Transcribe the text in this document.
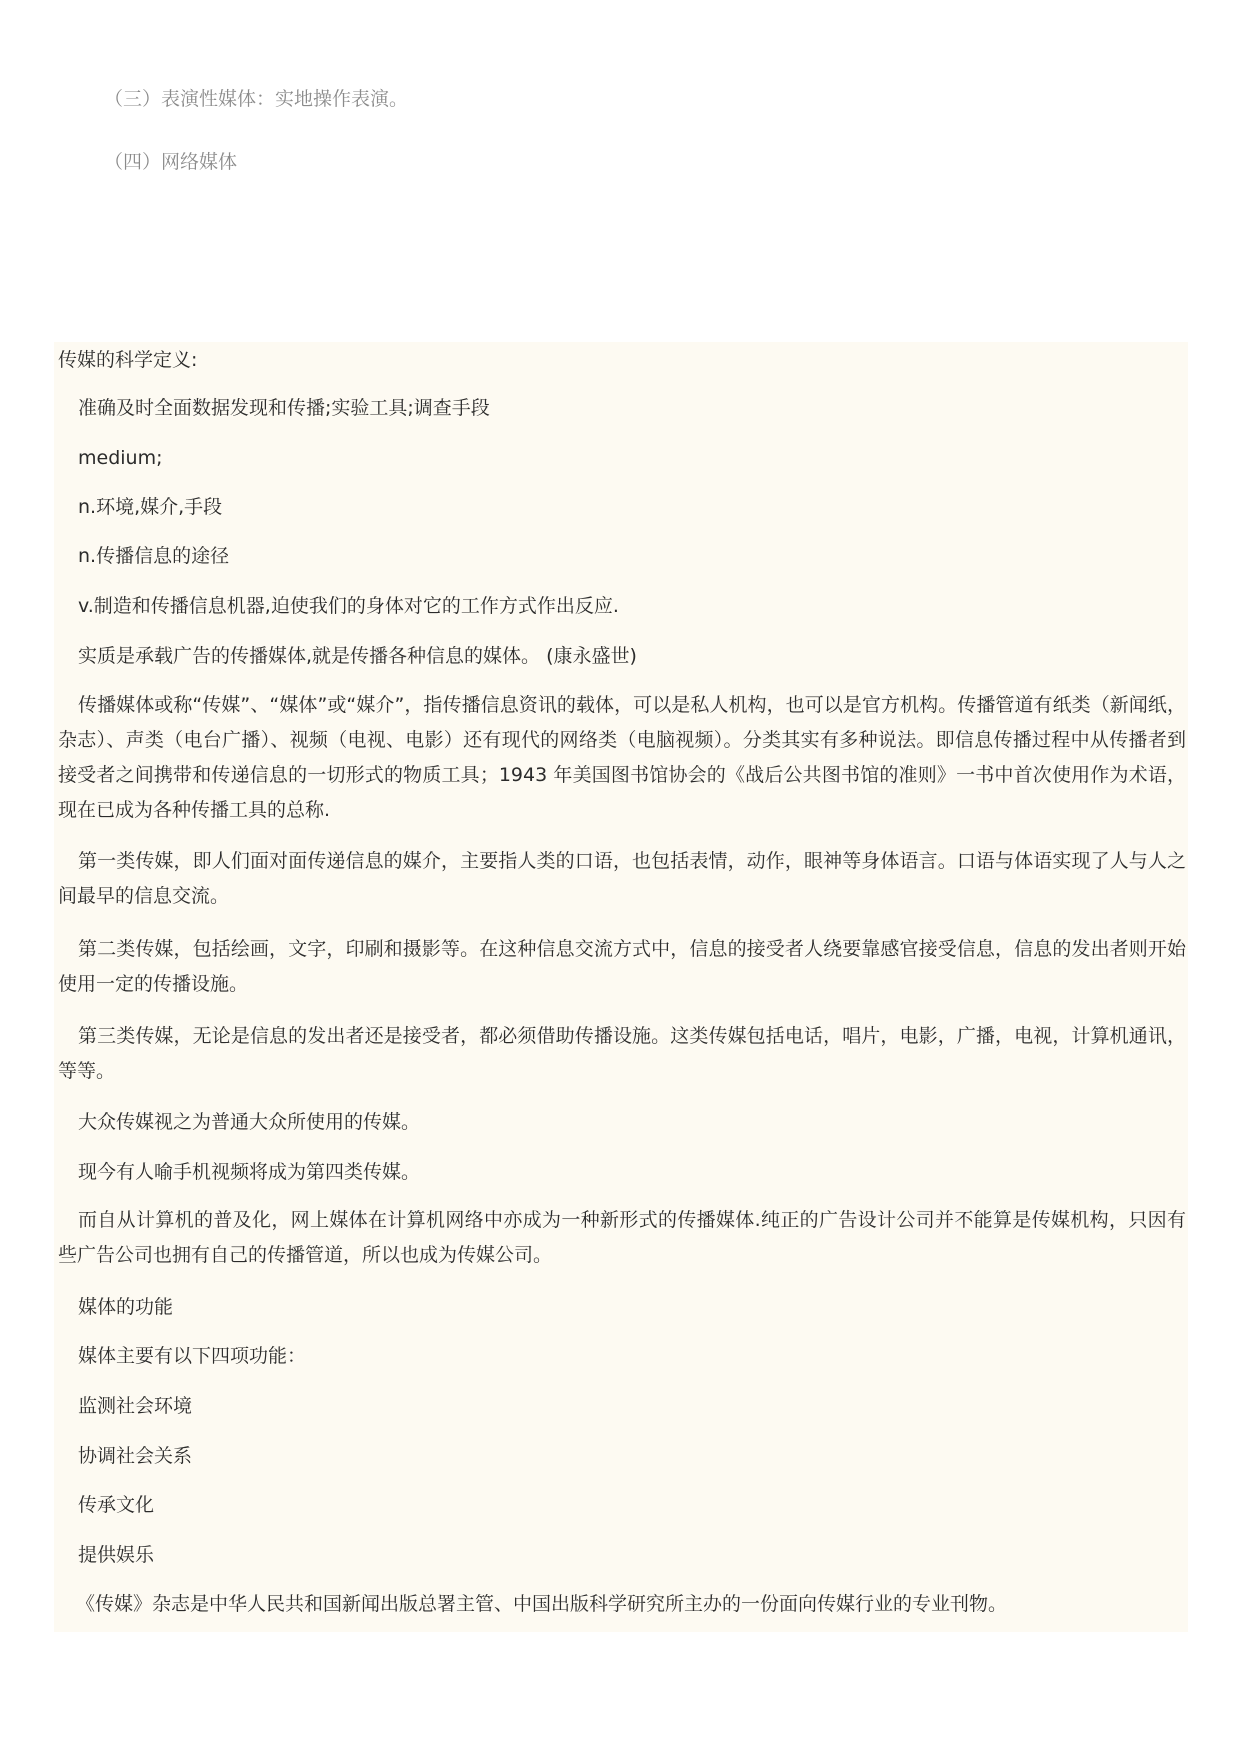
（三）表演性媒体：实地操作表演。
（四）网络媒体
传媒的科学定义:
准确及时全面数据发现和传播;实验工具;调查手段
medium;
n.环境,媒介,手段
n.传播信息的途径
v.制造和传播信息机器,迫使我们的身体对它的工作方式作出反应.
实质是承载广告的传播媒体,就是传播各种信息的媒体。 (康永盛世)

传播媒体或称“传媒”、“媒体”或“媒介”，指传播信息资讯的载体，可以是私人机构，也可以是官方机构。传播管道有纸类（新闻纸，杂志）、声类（电台广播）、视频（电视、电影）还有现代的网络类（电脑视频）。分类其实有多种说法。即信息传播过程中从传播者到接受者之间携带和传递信息的一切形式的物质工具；1943 年美国图书馆协会的《战后公共图书馆的准则》一书中首次使用作为术语，现在已成为各种传播工具的总称.

第一类传媒，即人们面对面传递信息的媒介，主要指人类的口语，也包括表情，动作，眼神等身体语言。口语与体语实现了人与人之间最早的信息交流。

第二类传媒，包括绘画，文字，印刷和摄影等。在这种信息交流方式中，信息的接受者人绕要靠感官接受信息，信息的发出者则开始使用一定的传播设施。

第三类传媒，无论是信息的发出者还是接受者，都必须借助传播设施。这类传媒包括电话，唱片，电影，广播，电视，计算机通讯，等等。

大众传媒视之为普通大众所使用的传媒。
现今有人喻手机视频将成为第四类传媒。

而自从计算机的普及化，网上媒体在计算机网络中亦成为一种新形式的传播媒体.纯正的广告设计公司并不能算是传媒机构，只因有些广告公司也拥有自己的传播管道，所以也成为传媒公司。

媒体的功能
媒体主要有以下四项功能：
监测社会环境
协调社会关系
传承文化
提供娱乐
《传媒》杂志是中华人民共和国新闻出版总署主管、中国出版科学研究所主办的一份面向传媒行业的专业刊物。
